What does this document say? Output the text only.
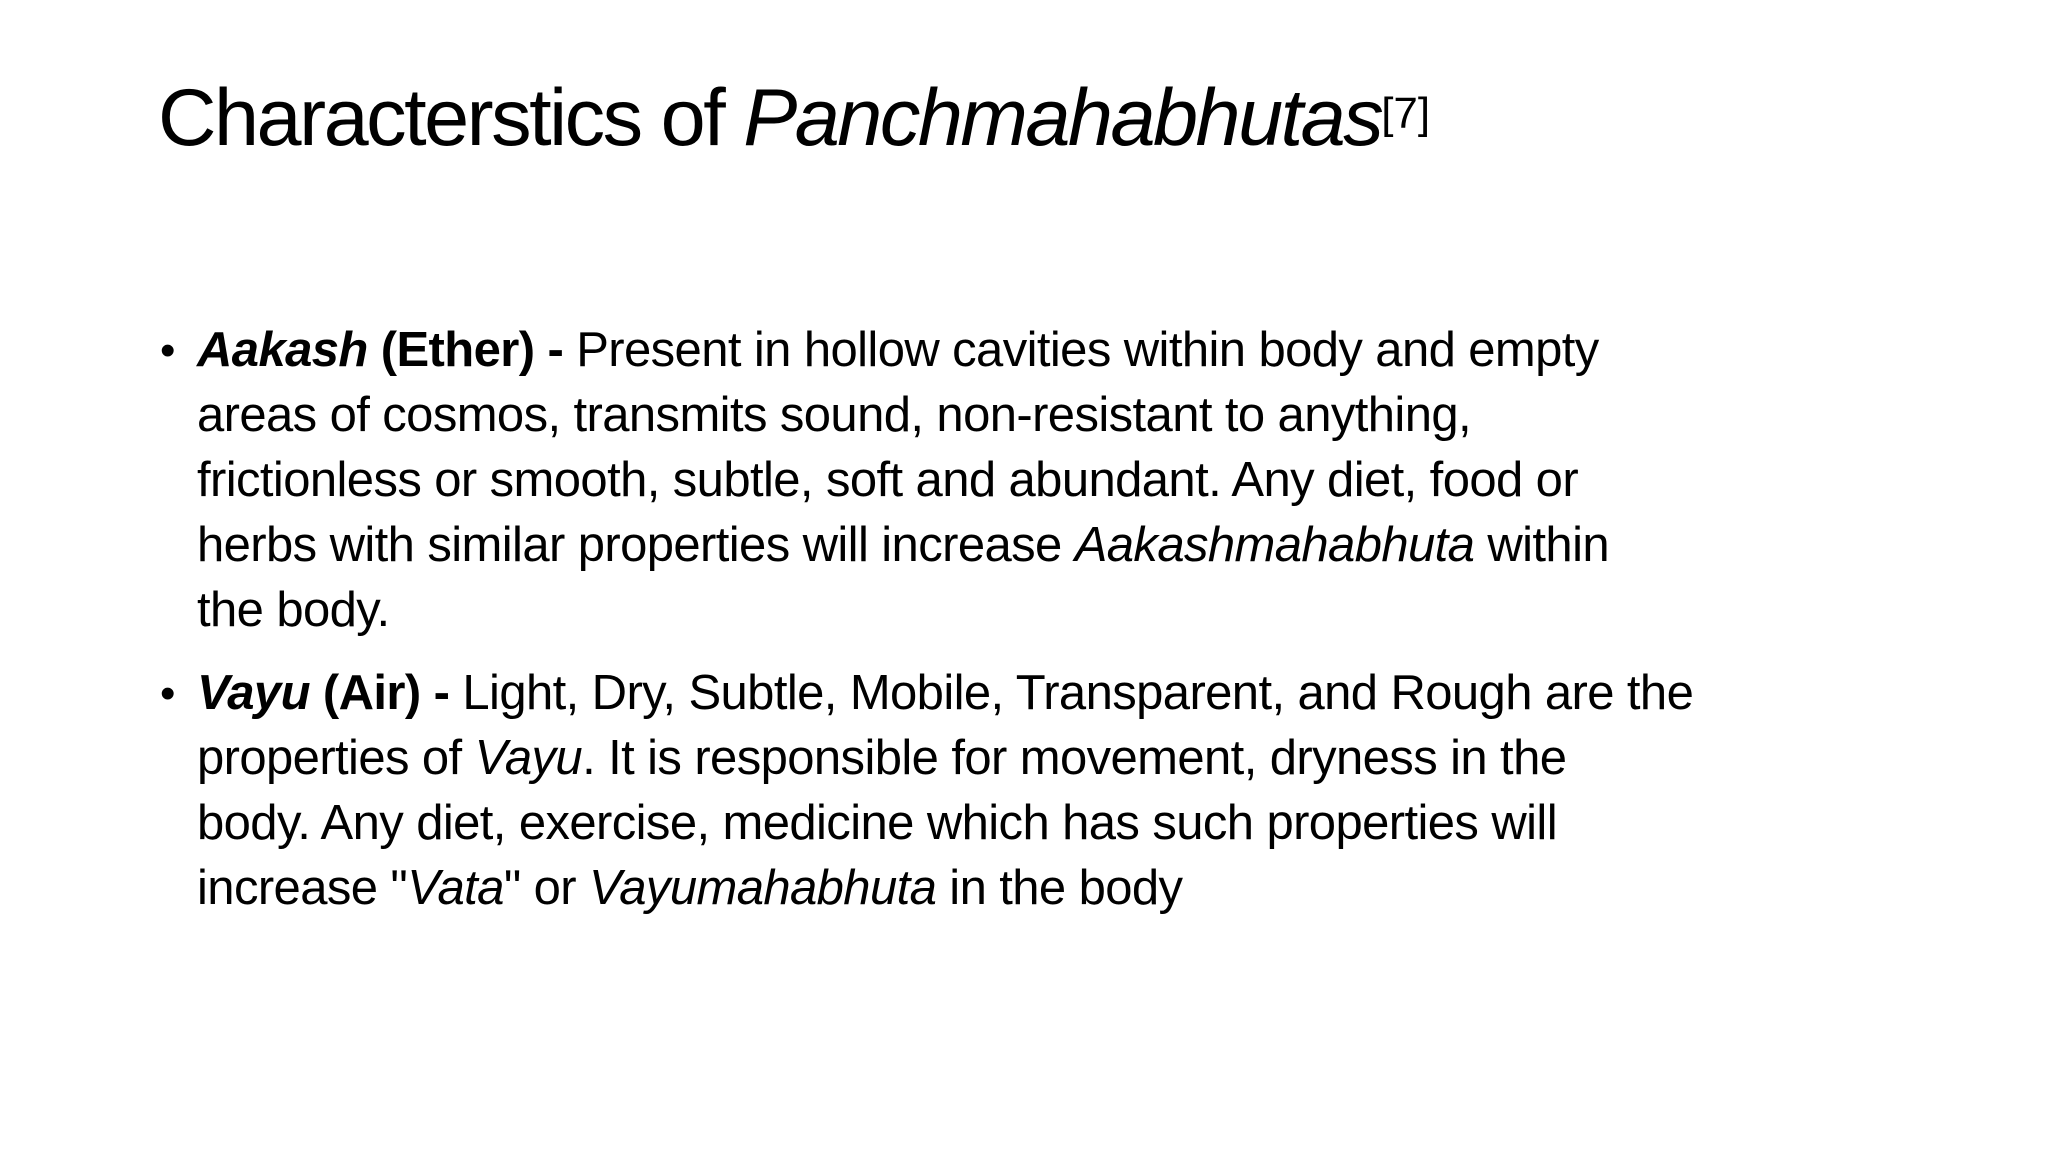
Characterstics of Panchmahabhutas[7]
• Aakash (Ether) - Present in hollow cavities within body and empty
areas of cosmos, transmits sound, non-resistant to anything,
frictionless or smooth, subtle, soft and abundant. Any diet, food or
herbs with similar properties will increase Aakashmahabhuta within
the body.
• Vayu (Air) - Light, Dry, Subtle, Mobile, Transparent, and Rough are the
properties of Vayu. It is responsible for movement, dryness in the
body. Any diet, exercise, medicine which has such properties will
increase "Vata" or Vayumahabhuta in the body
